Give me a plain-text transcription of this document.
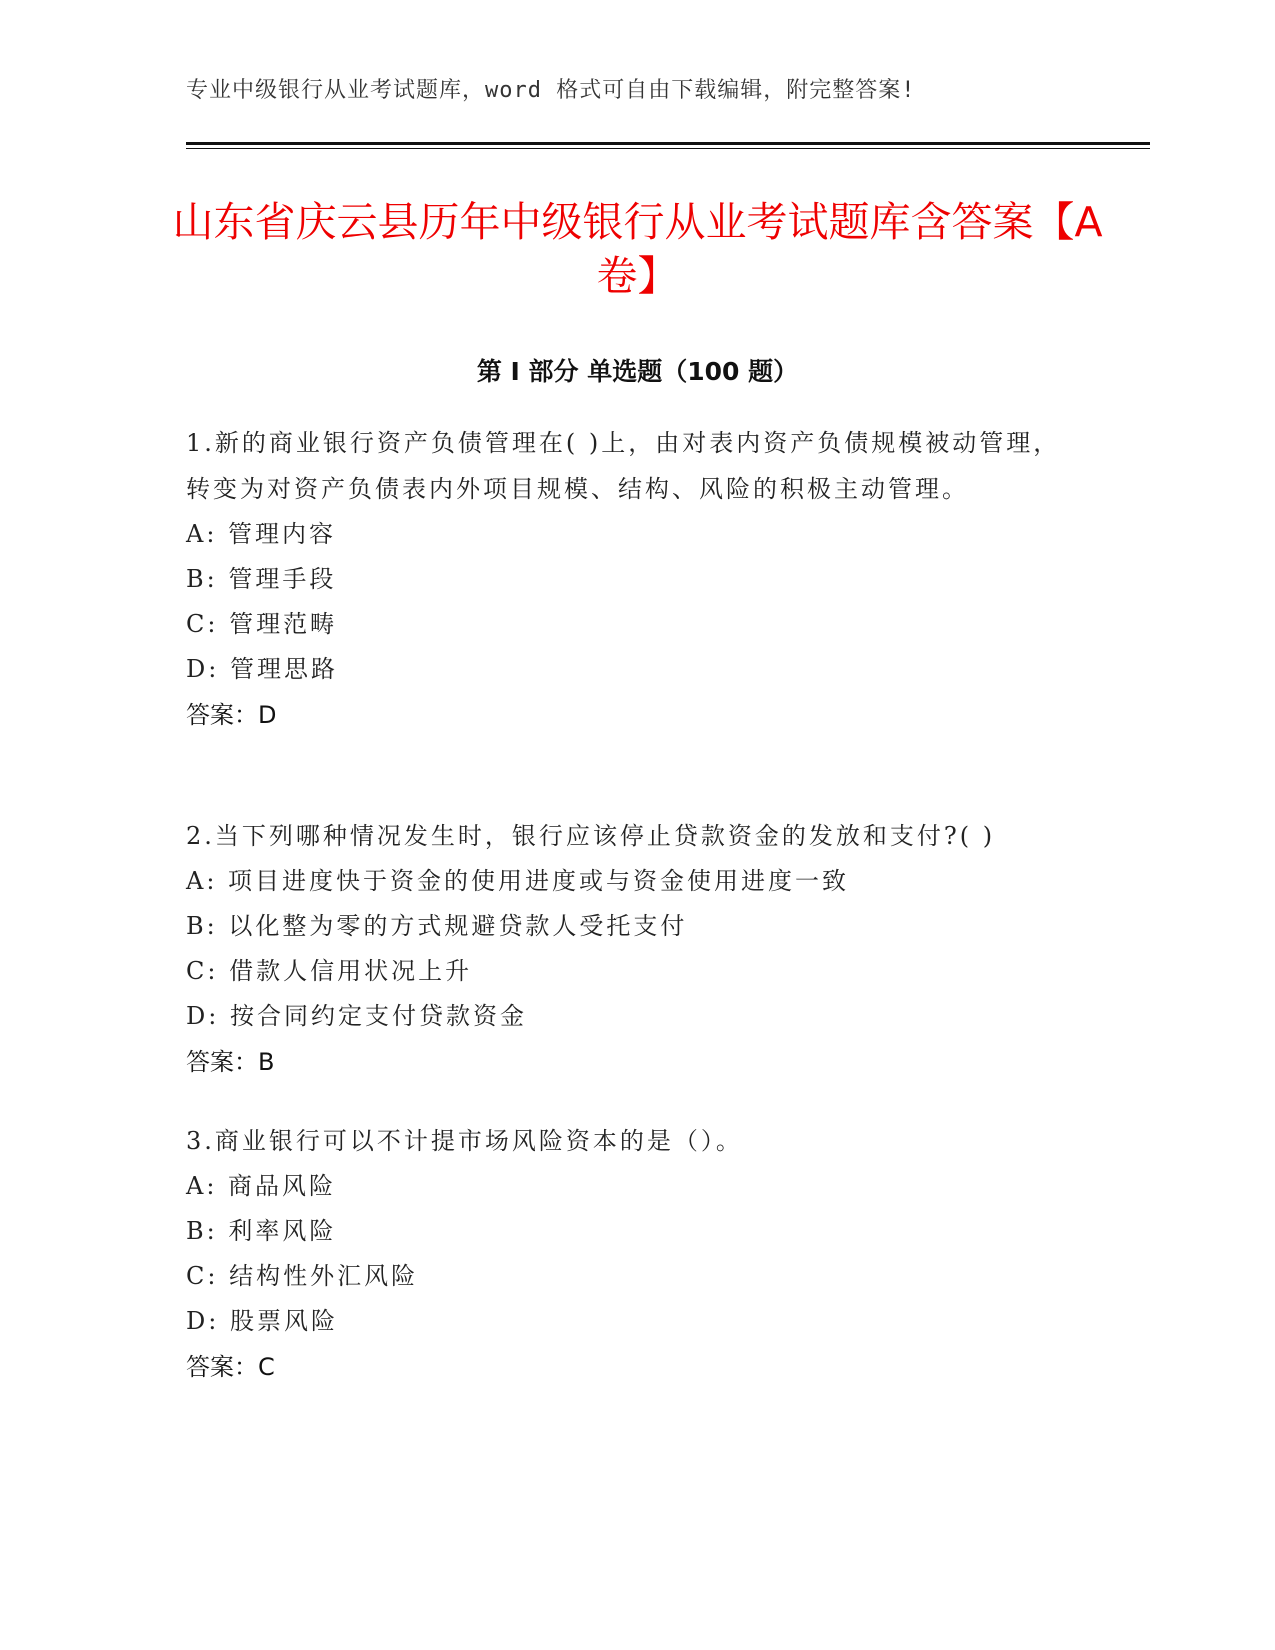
专业中级银行从业考试题库，word 格式可自由下载编辑，附完整答案!
山东省庆云县历年中级银行从业考试题库含答案【A 卷】
第 I 部分 单选题（100 题）
1.新的商业银行资产负债管理在( )上，由对表内资产负债规模被动管理，转变为对资产负债表内外项目规模、结构、风险的积极主动管理。
A: 管理内容
B: 管理手段
C: 管理范畴
D: 管理思路
答案：D
2.当下列哪种情况发生时，银行应该停止贷款资金的发放和支付?( )
A: 项目进度快于资金的使用进度或与资金使用进度一致
B: 以化整为零的方式规避贷款人受托支付
C: 借款人信用状况上升
D: 按合同约定支付贷款资金
答案：B
3.商业银行可以不计提市场风险资本的是（）。
A: 商品风险
B: 利率风险
C: 结构性外汇风险
D: 股票风险
答案：C
